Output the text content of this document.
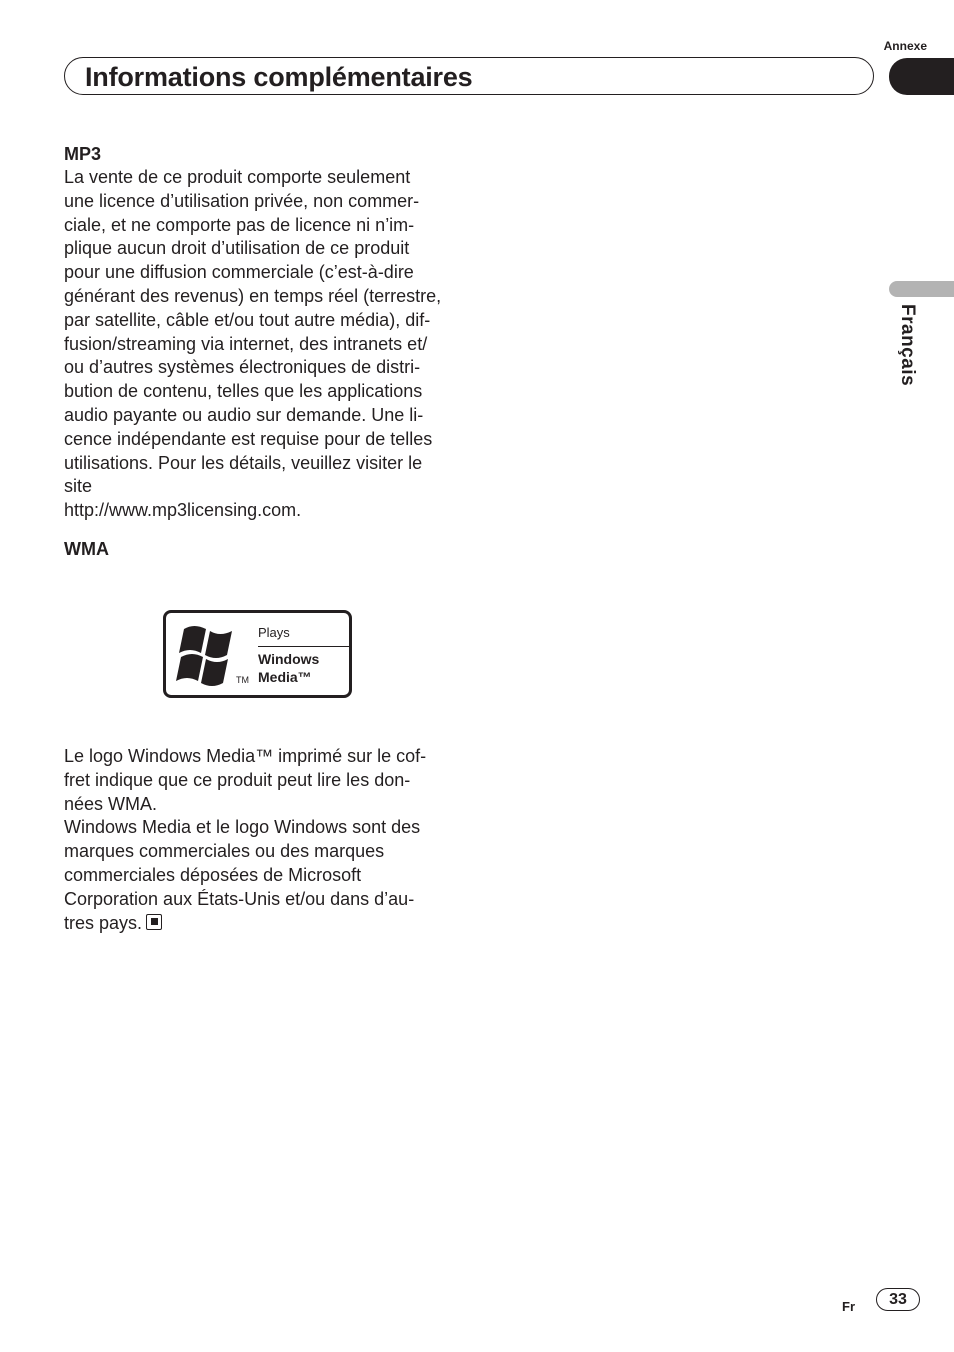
Annexe
Informations complémentaires
Français
MP3

La vente de ce produit comporte seulement
une licence d’utilisation privée, non commer-
ciale, et ne comporte pas de licence ni n’im-
plique aucun droit d’utilisation de ce produit
pour une diffusion commerciale (c’est-à-dire
générant des revenus) en temps réel (terrestre,
par satellite, câble et/ou tout autre média), dif-
fusion/streaming via internet, des intranets et/
ou d’autres systèmes électroniques de distri-
bution de contenu, telles que les applications
audio payante ou audio sur demande. Une li-
cence indépendante est requise pour de telles
utilisations. Pour les détails, veuillez visiter le
site
http://www.mp3licensing.com.

WMA
TM
Plays
Windows
Media™

Le logo Windows Media™ imprimé sur le cof-
fret indique que ce produit peut lire les don-
nées WMA.

Windows Media et le logo Windows sont des
marques commerciales ou des marques
commerciales déposées de Microsoft
Corporation aux États-Unis et/ou dans d’au-
tres pays.

Fr	33
